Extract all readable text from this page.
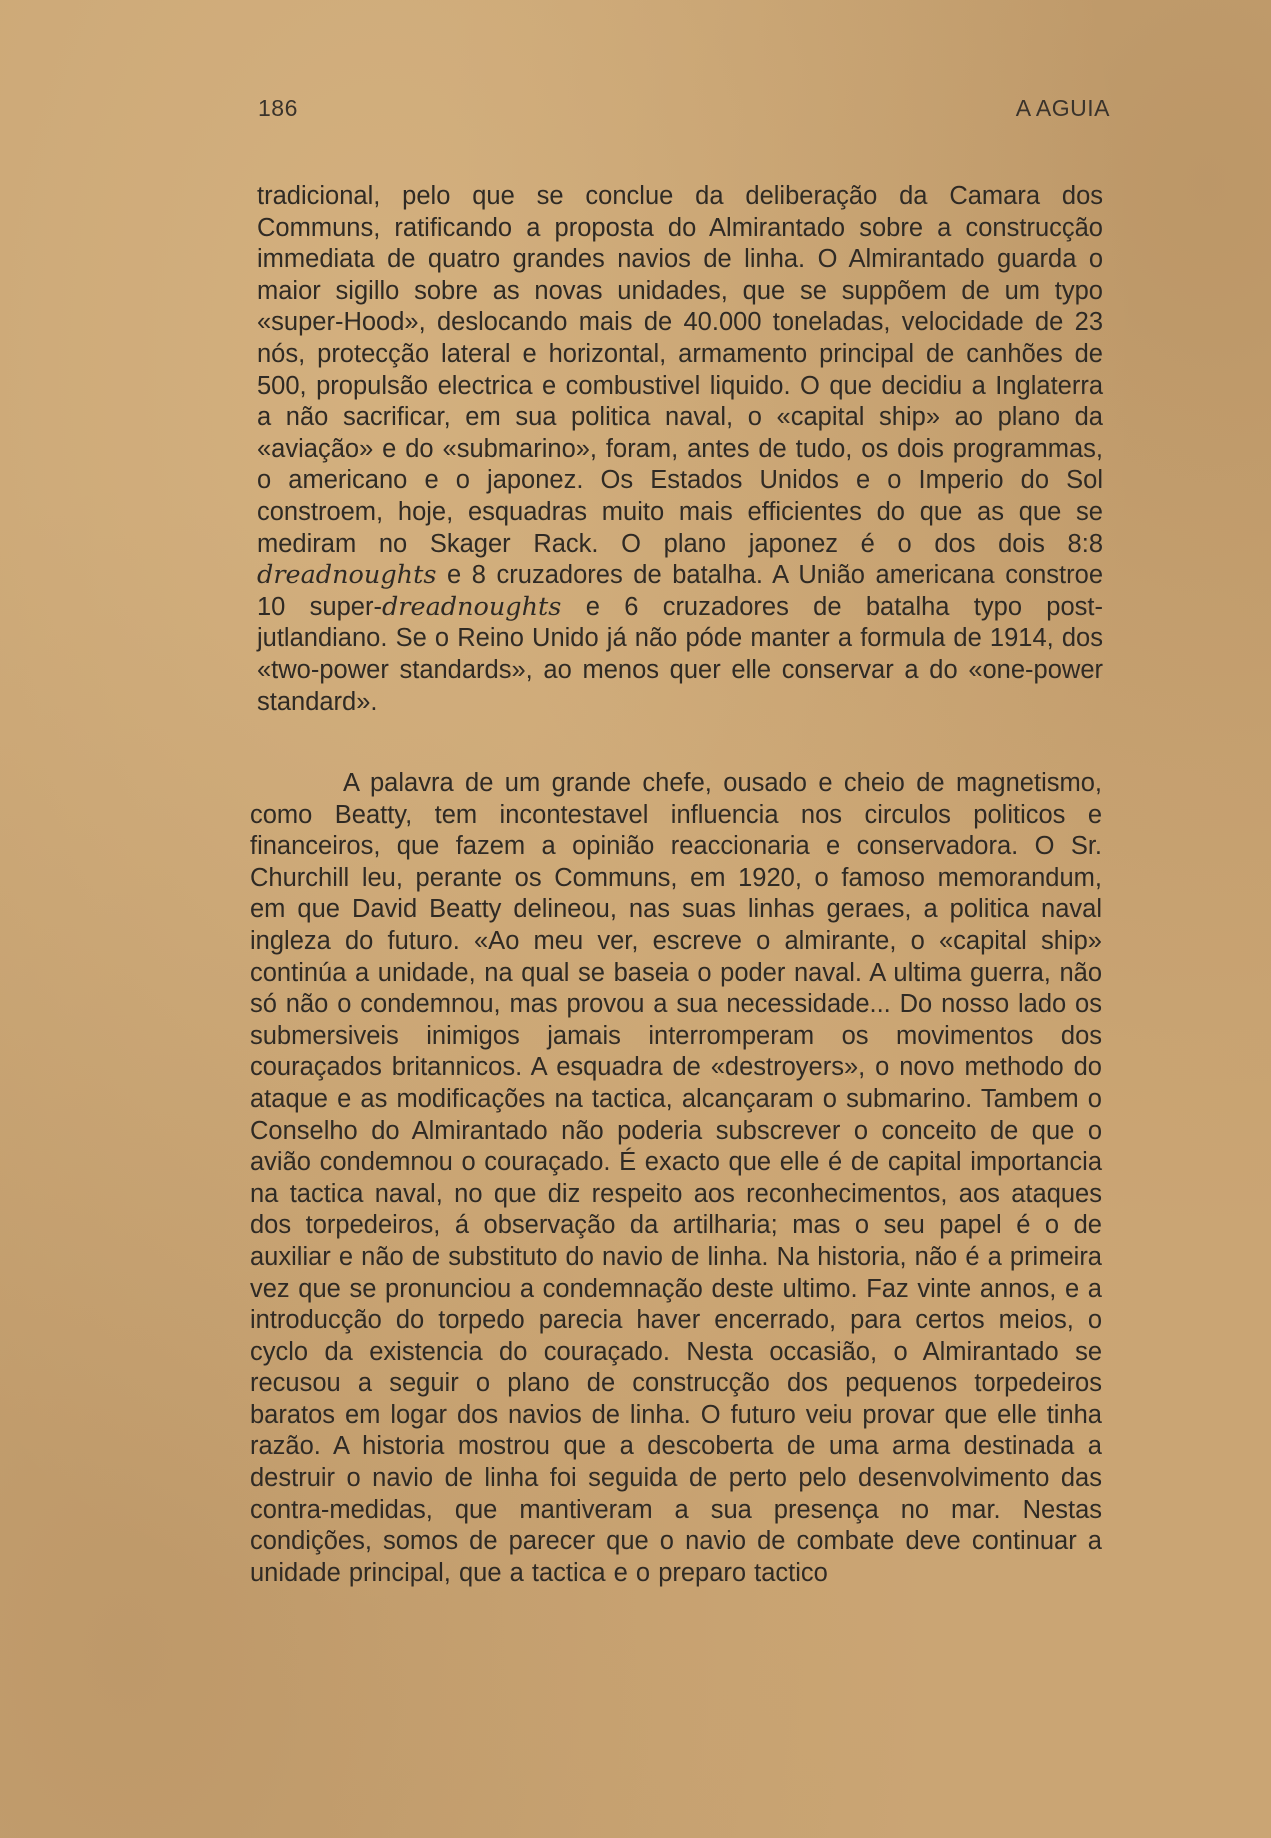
186	A AGUIA

tradicional, pelo que se conclue da deliberação da Camara dos Communs, ratificando a proposta do Almirantado sobre a construcção immediata de quatro grandes navios de linha. O Almirantado guarda o maior sigillo sobre as novas unidades, que se suppõem de um typo «super-Hood», deslocando mais de 40.000 toneladas, velocidade de 23 nós, protecção lateral e horizontal, armamento principal de canhões de 500, propulsão electrica e combustivel liquido. O que decidiu a Inglaterra a não sacrificar, em sua politica naval, o «capital ship» ao plano da «aviação» e do «submarino», foram, antes de tudo, os dois programmas, o americano e o japonez. Os Estados Unidos e o Imperio do Sol constroem, hoje, esquadras muito mais efficientes do que as que se mediram no Skager Rack. O plano japonez é o dos dois 8:8 dreadnoughts e 8 cruzadores de batalha. A União americana constroe 10 super-dreadnoughts e 6 cruzadores de batalha typo post-jutlandiano. Se o Reino Unido já não póde manter a formula de 1914, dos «two-power standards», ao menos quer elle conservar a do «one-power standard».

A palavra de um grande chefe, ousado e cheio de magnetismo, como Beatty, tem incontestavel influencia nos circulos politicos e financeiros, que fazem a opinião reaccionaria e conservadora. O Sr. Churchill leu, perante os Communs, em 1920, o famoso memorandum, em que David Beatty delineou, nas suas linhas geraes, a politica naval ingleza do futuro. «Ao meu ver, escreve o almirante, o «capital ship» continúa a unidade, na qual se baseia o poder naval. A ultima guerra, não só não o condemnou, mas provou a sua necessidade... Do nosso lado os submersiveis inimigos jamais interromperam os movimentos dos couraçados britannicos. A esquadra de «destroyers», o novo methodo do ataque e as modificações na tactica, alcançaram o submarino. Tambem o Conselho do Almirantado não poderia subscrever o conceito de que o avião condemnou o couraçado. É exacto que elle é de capital importancia na tactica naval, no que diz respeito aos reconhecimentos, aos ataques dos torpedeiros, á observação da artilharia; mas o seu papel é o de auxiliar e não de substituto do navio de linha. Na historia, não é a primeira vez que se pronunciou a condemnação deste ultimo. Faz vinte annos, e a introducção do torpedo parecia haver encerrado, para certos meios, o cyclo da existencia do couraçado. Nesta occasião, o Almirantado se recusou a seguir o plano de construcção dos pequenos torpedeiros baratos em logar dos navios de linha. O futuro veiu provar que elle tinha razão. A historia mostrou que a descoberta de uma arma destinada a destruir o navio de linha foi seguida de perto pelo desenvolvimento das contra-medidas, que mantiveram a sua presença no mar. Nestas condições, somos de parecer que o navio de combate deve continuar a unidade principal, que a tactica e o preparo tactico
